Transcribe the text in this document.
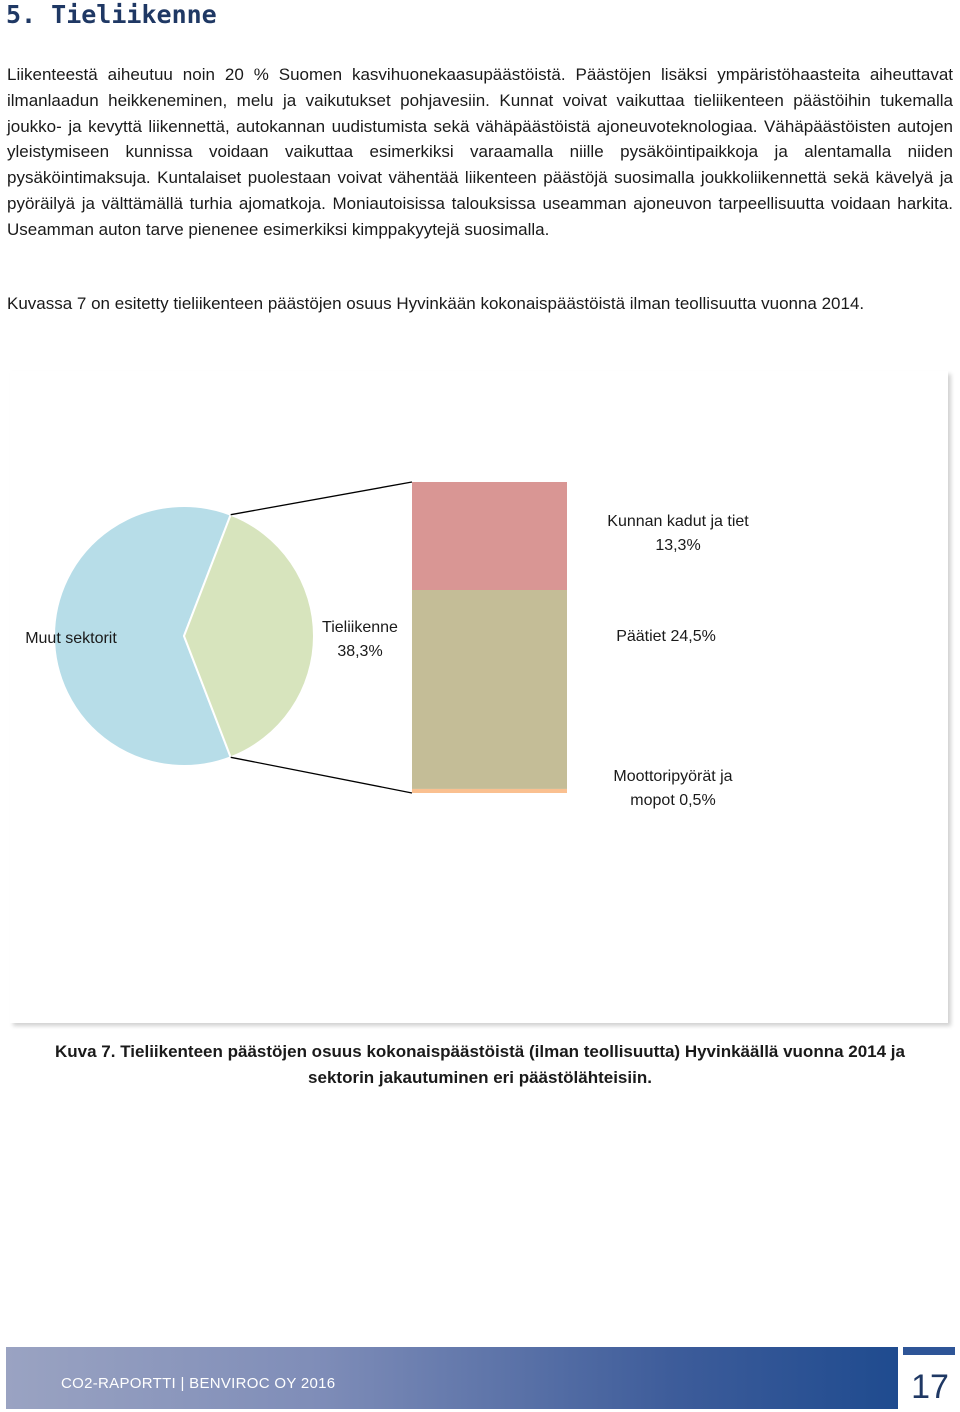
5. Tieliikenne

Liikenteestä aiheutuu noin 20 % Suomen kasvihuonekaasupäästöistä. Päästöjen lisäksi ympäristöhaasteita aiheuttavat ilmanlaadun heikkeneminen, melu ja vaikutukset pohjavesiin. Kunnat voivat vaikuttaa tieliikenteen päästöihin tukemalla joukko- ja kevyttä liikennettä, autokannan uudistumista sekä vähäpäästöistä ajoneuvoteknologiaa. Vähäpäästöisten autojen yleistymiseen kunnissa voidaan vaikuttaa esimerkiksi varaamalla niille pysäköintipaikkoja ja alentamalla niiden pysäköintimaksuja. Kuntalaiset puolestaan voivat vähentää liikenteen päästöjä suosimalla joukkoliikennettä sekä kävelyä ja pyöräilyä ja välttämällä turhia ajomatkoja. Moniautoisissa talouksissa useamman ajoneuvon tarpeellisuutta voidaan harkita. Useamman auton tarve pienenee esimerkiksi kimppakyytejä suosimalla.

Kuvassa 7 on esitetty tieliikenteen päästöjen osuus Hyvinkään kokonaispäästöistä ilman teollisuutta vuonna 2014.

Muut sektorit
Tieliikenne
38,3%
Kunnan kadut ja tiet
13,3%
Päätiet 24,5%
Moottoripyörät ja
mopot 0,5%
Kuva 7. Tieliikenteen päästöjen osuus kokonaispäästöistä (ilman teollisuutta) Hyvinkäällä vuonna 2014 ja
sektorin jakautuminen eri päästölähteisiin.
CO2-RAPORTTI | BENVIROC OY 2016	17
